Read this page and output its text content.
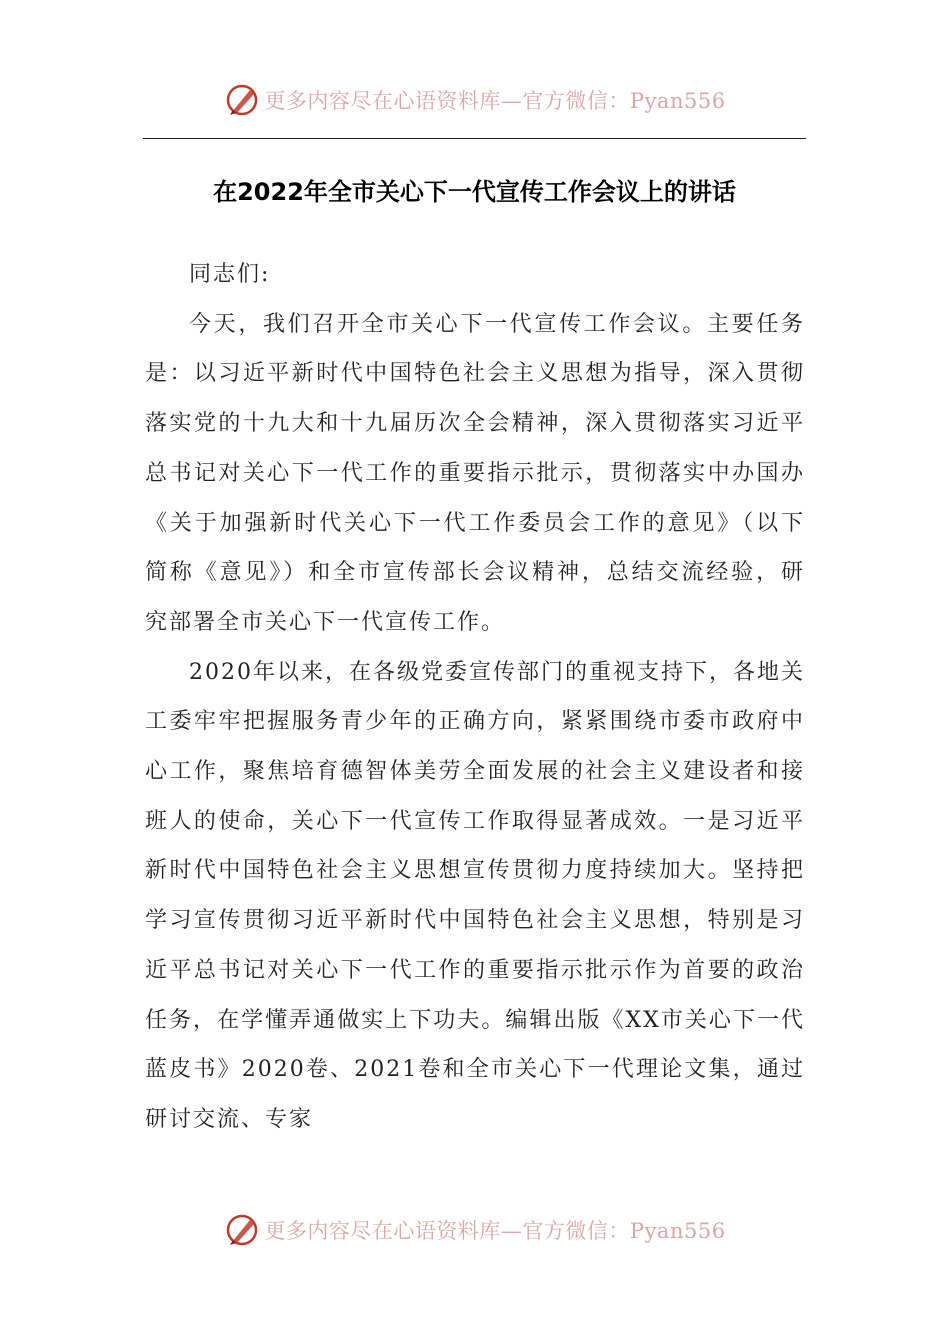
更多内容尽在心语资料库—官方微信：Pyan556
在2022年全市关心下一代宣传工作会议上的讲话

同志们:

今天，我们召开全市关心下一代宣传工作会议。主要任务是：以习近平新时代中国特色社会主义思想为指导，深入贯彻落实党的十九大和十九届历次全会精神，深入贯彻落实习近平总书记对关心下一代工作的重要指示批示，贯彻落实中办国办《关于加强新时代关心下一代工作委员会工作的意见》（以下简称《意见》）和全市宣传部长会议精神，总结交流经验，研究部署全市关心下一代宣传工作。

2020年以来，在各级党委宣传部门的重视支持下，各地关工委牢牢把握服务青少年的正确方向，紧紧围绕市委市政府中心工作，聚焦培育德智体美劳全面发展的社会主义建设者和接班人的使命，关心下一代宣传工作取得显著成效。一是习近平新时代中国特色社会主义思想宣传贯彻力度持续加大。坚持把学习宣传贯彻习近平新时代中国特色社会主义思想，特别是习近平总书记对关心下一代工作的重要指示批示作为首要的政治任务，在学懂弄通做实上下功夫。编辑出版《XX市关心下一代蓝皮书》2020卷、2021卷和全市关心下一代理论文集，通过研讨交流、专家

更多内容尽在心语资料库—官方微信：Pyan556
